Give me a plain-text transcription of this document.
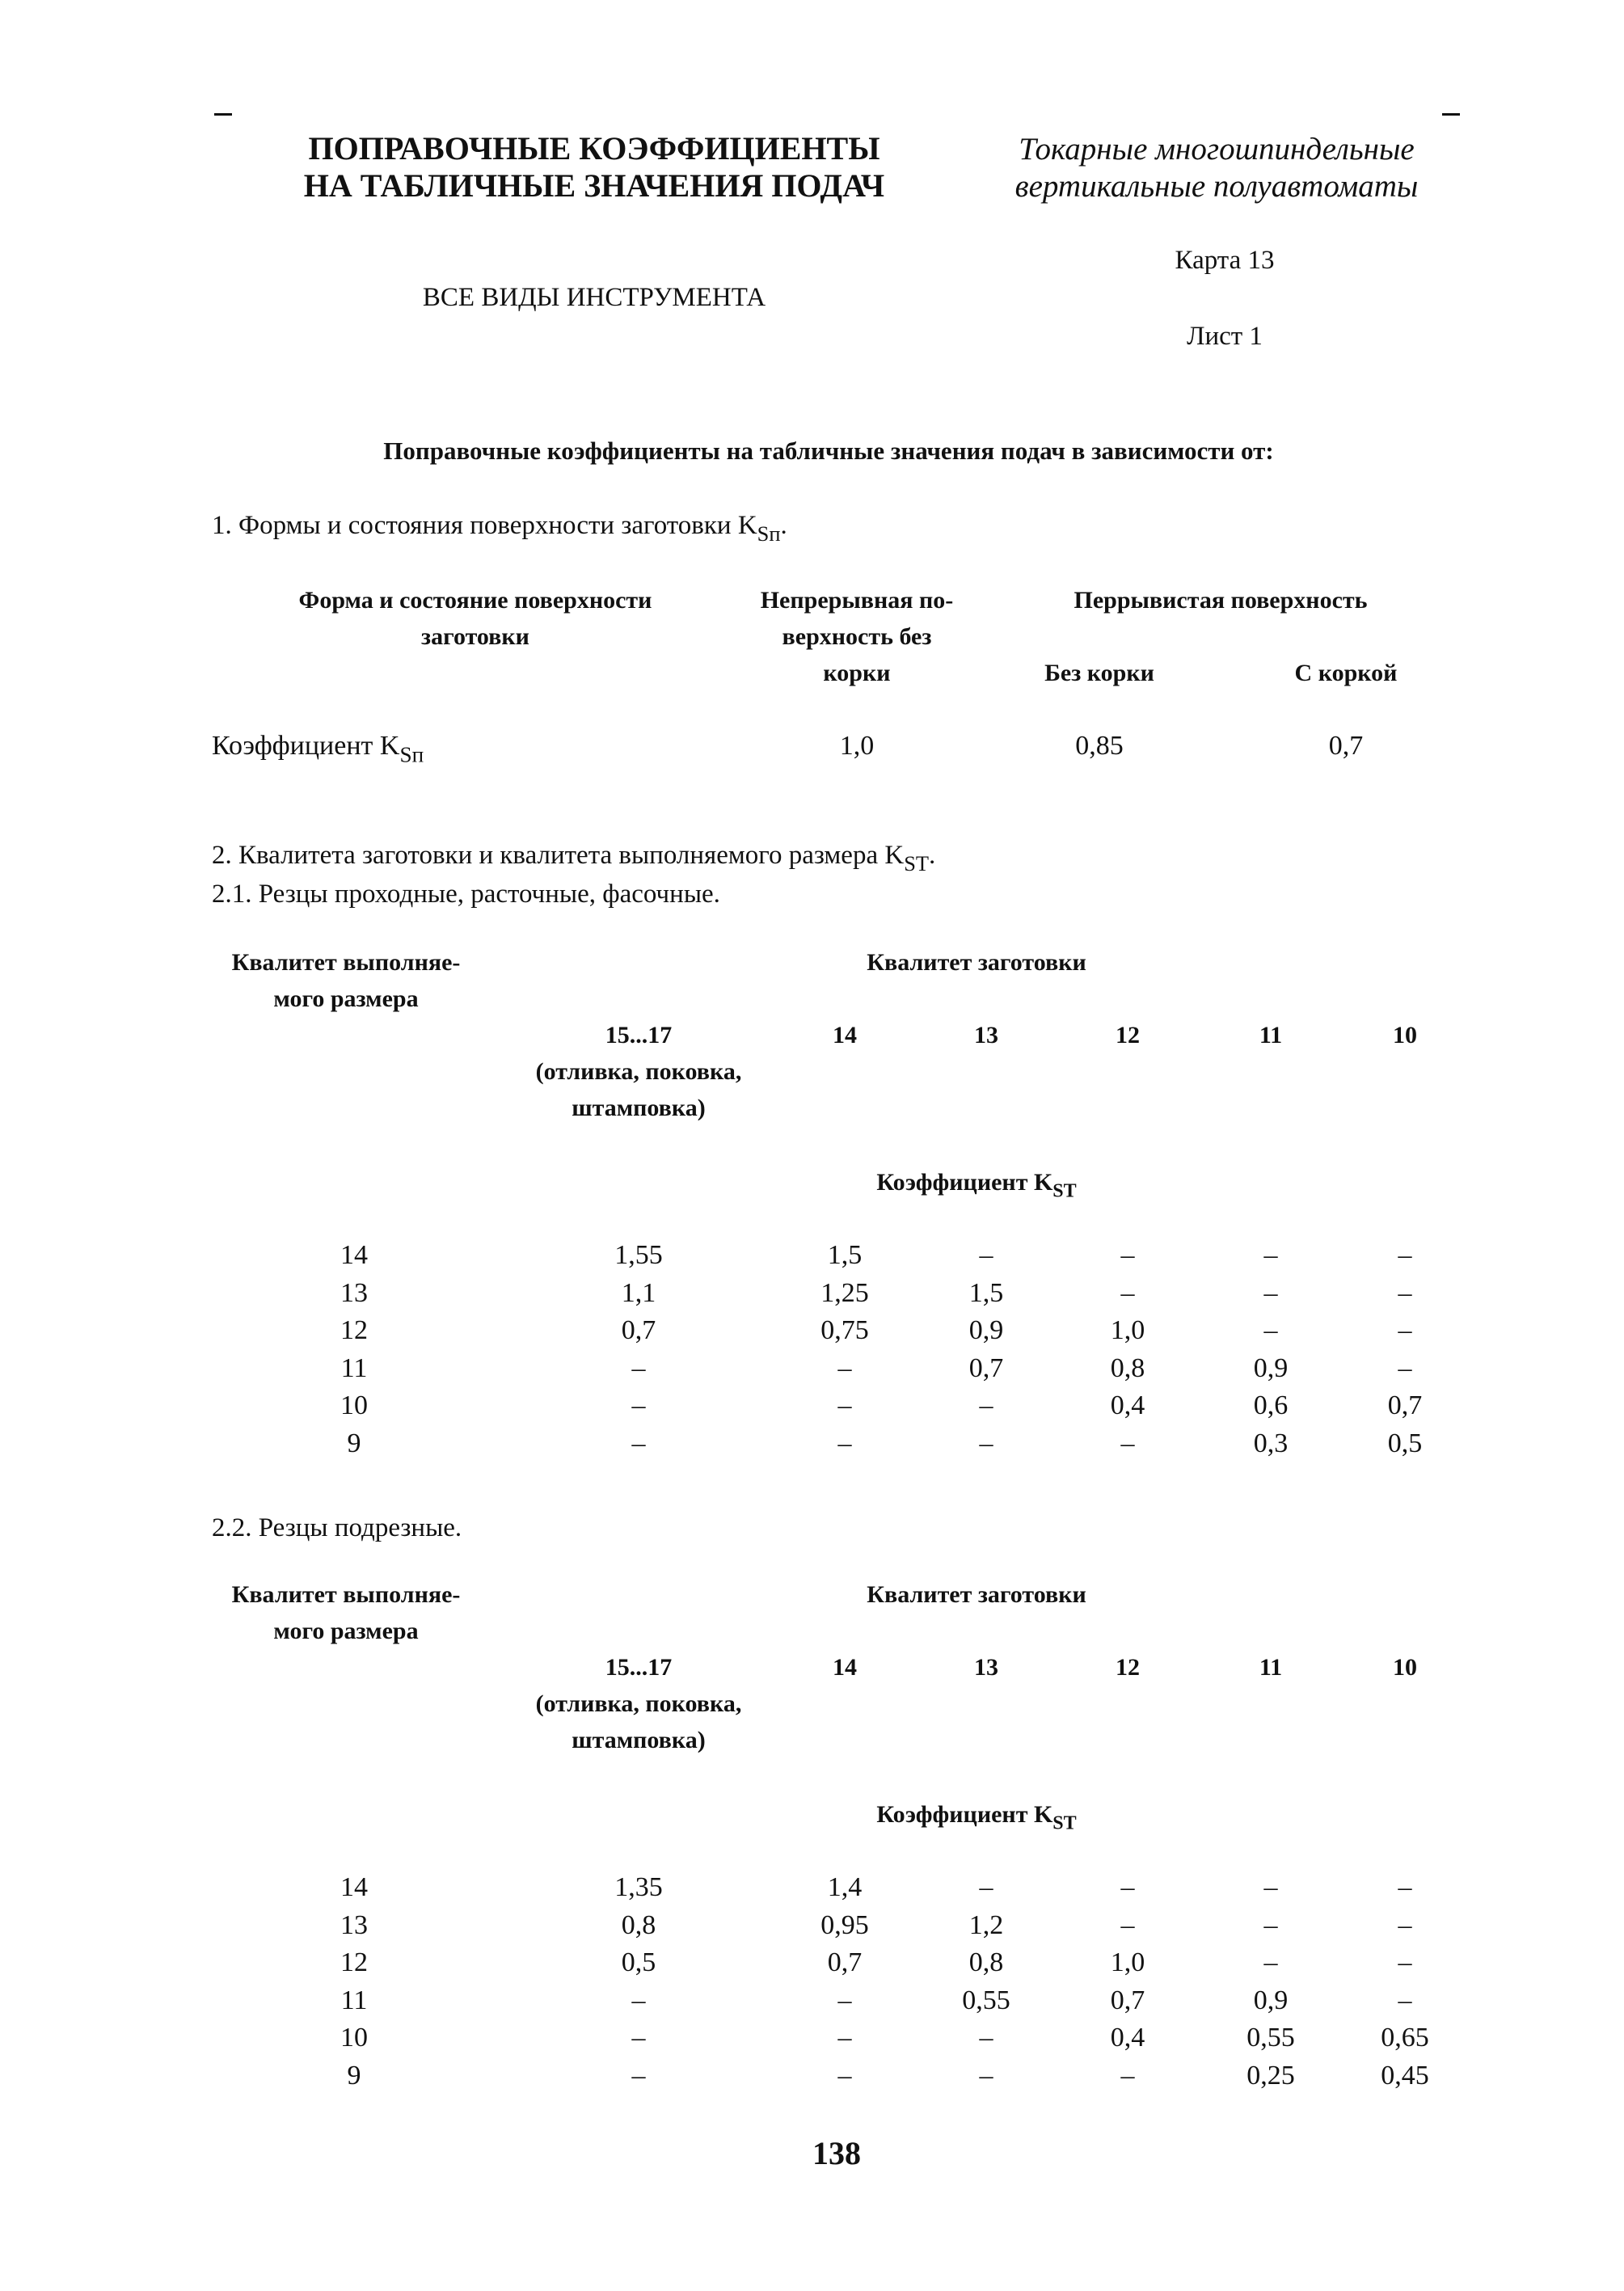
ПОПРАВОЧНЫЕ КОЭФФИЦИЕНТЫ
НА ТАБЛИЧНЫЕ ЗНАЧЕНИЯ ПОДАЧ
Токарные многошпиндельные
вертикальные полуавтоматы
ВСЕ ВИДЫ ИНСТРУМЕНТА
Карта 13
Лист 1
Поправочные коэффициенты на табличные значения подач в зависимости от:
1. Формы и состояния поверхности заготовки $K_{Sп}$.
Форма и состояние поверхности
заготовки
Непрерывная по-
верхность без
корки
Перрывистая поверхность
Без корки	С коркой
Коэффициент $K_{Sп}$	1,0	0,85	0,7
2. Квалитета заготовки и квалитета выполняемого размера $K_{ST}$.
2.1. Резцы проходные, расточные, фасочные.
Квалитет выполняе-
мого размера
Квалитет заготовки
15...17	14	13	12	11	10
(отливка, поковка,
штамповка)
Коэффициент $K_{ST}$
14	1,55	1,5	–	–	–	–
13	1,1	1,25	1,5	–	–	–
12	0,7	0,75	0,9	1,0	–	–
11	–	–	0,7	0,8	0,9	–
10	–	–	–	0,4	0,6	0,7
9	–	–	–	–	0,3	0,5
2.2. Резцы подрезные.
Квалитет выполняе-
мого размера
Квалитет заготовки
15...17	14	13	12	11	10
(отливка, поковка,
штамповка)
Коэффициент $K_{ST}$
14	1,35	1,4	–	–	–	–
13	0,8	0,95	1,2	–	–	–
12	0,5	0,7	0,8	1,0	–	–
11	–	–	0,55	0,7	0,9	–
10	–	–	–	0,4	0,55	0,65
9	–	–	–	–	0,25	0,45
138
